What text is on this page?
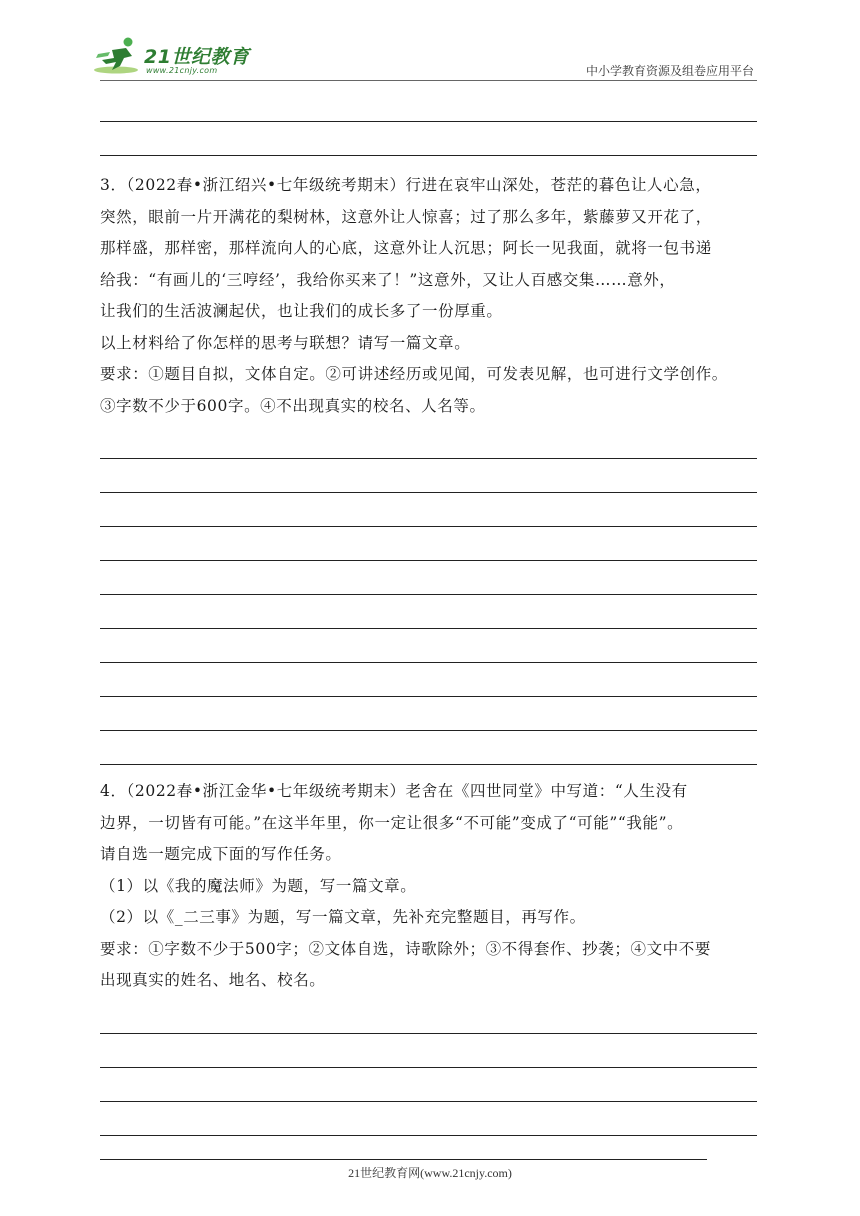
21世纪教育
www.21cnjy.com	中小学教育资源及组卷应用平台

3．（2022春•浙江绍兴•七年级统考期末）行进在哀牢山深处，苍茫的暮色让人心急，

突然，眼前一片开满花的梨树林，这意外让人惊喜；过了那么多年，紫藤萝又开花了，

那样盛，那样密，那样流向人的心底，这意外让人沉思；阿长一见我面，就将一包书递

给我：“有画儿的‘三哼经’，我给你买来了！”这意外，又让人百感交集……意外，

让我们的生活波澜起伏，也让我们的成长多了一份厚重。

以上材料给了你怎样的思考与联想？请写一篇文章。

要求：①题目自拟，文体自定。②可讲述经历或见闻，可发表见解，也可进行文学创作。

③字数不少于600字。④不出现真实的校名、人名等。

4．（2022春•浙江金华•七年级统考期末）老舍在《四世同堂》中写道：“人生没有

边界，一切皆有可能。”在这半年里，你一定让很多“不可能”变成了“可能”“我能”。

请自选一题完成下面的写作任务。

（1）以《我的魔法师》为题，写一篇文章。

（2）以《_二三事》为题，写一篇文章，先补充完整题目，再写作。

要求：①字数不少于500字；②文体自选，诗歌除外；③不得套作、抄袭；④文中不要

出现真实的姓名、地名、校名。

21世纪教育网(www.21cnjy.com)
